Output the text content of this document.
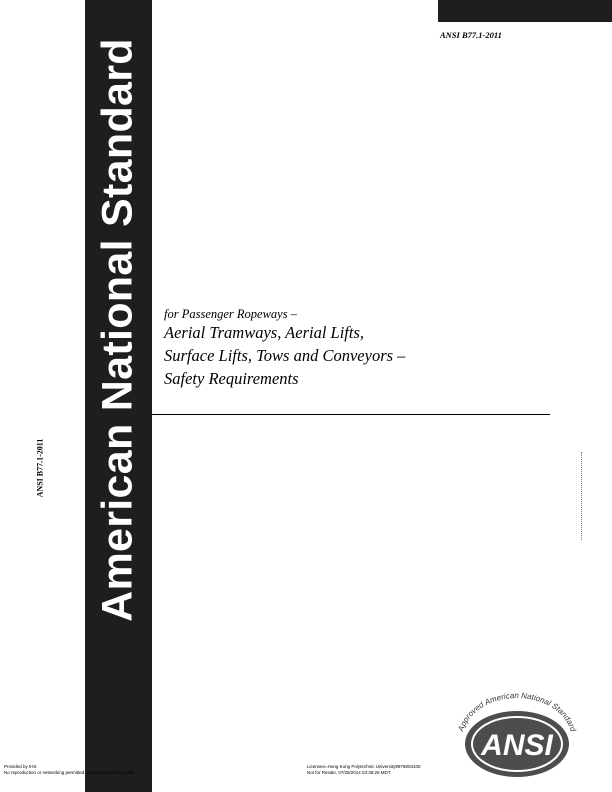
American National Standard
ANSI B77.1-2011
ANSI B77.1-2011
for Passenger Ropeways –
Aerial Tramways, Aerial Lifts,
Surface Lifts, Tows and Conveyors –
Safety Requirements
Approved American National Standard
ANSI
Provided by IHS
No reproduction or networking permitted without license from IHS
Licensee=Hong Kong Polytechnic University9976803100
Not for Resale, 07/25/2014 03:35:25 MDT
